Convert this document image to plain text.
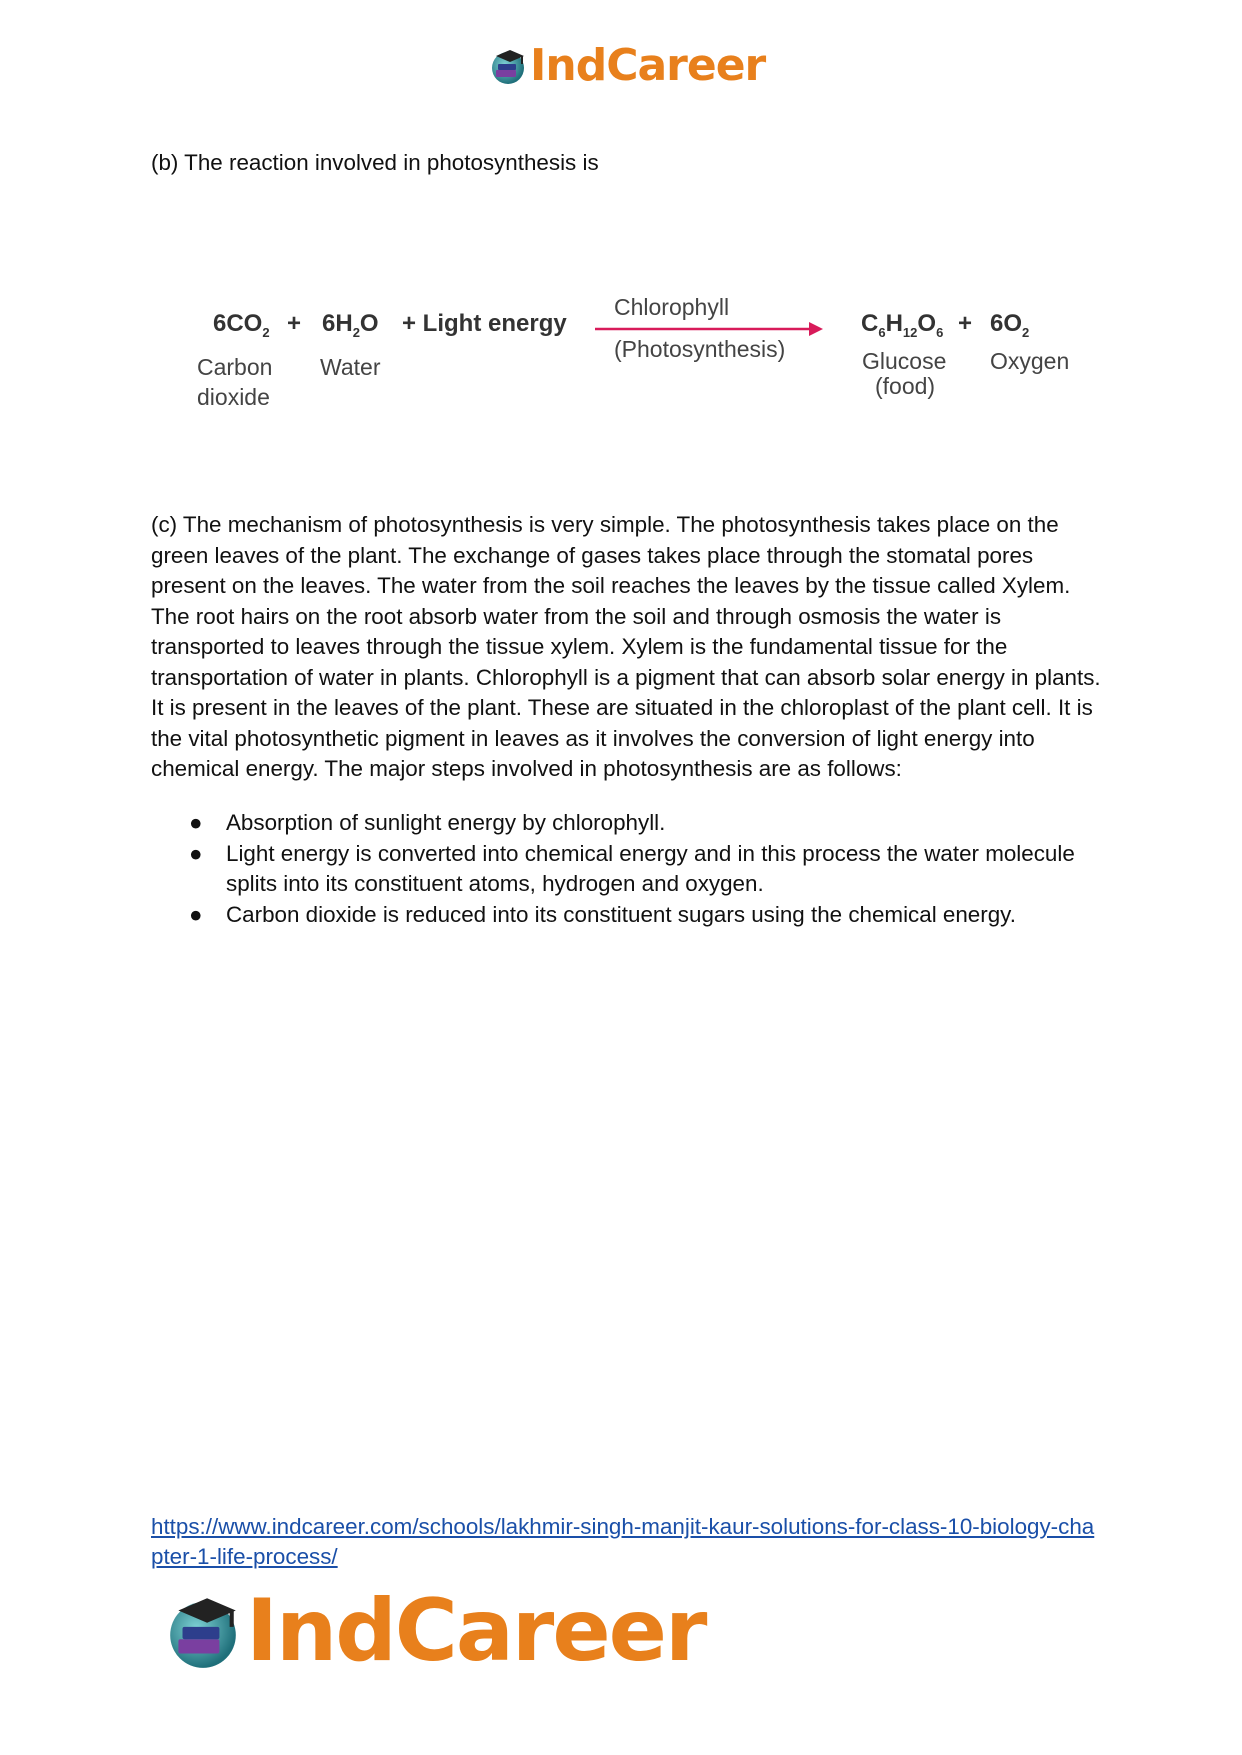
IndCareer

(b) The reaction involved in photosynthesis is

$6CO_2 + 6H_2O$ + Light energy
Chlorophyll
(Photosynthesis)
$C_6H_{12}O_6 + 6O_2$
Carbon
dioxide
Water	Glucose
(food)
Oxygen

(c) The mechanism of photosynthesis is very simple. The photosynthesis takes place on the green leaves of the plant. The exchange of gases takes place through the stomatal pores present on the leaves. The water from the soil reaches the leaves by the tissue called Xylem. The root hairs on the root absorb water from the soil and through osmosis the water is transported to leaves through the tissue xylem. Xylem is the fundamental tissue for the transportation of water in plants. Chlorophyll is a pigment that can absorb solar energy in plants. It is present in the leaves of the plant. These are situated in the chloroplast of the plant cell. It is the vital photosynthetic pigment in leaves as it involves the conversion of light energy into chemical energy. The major steps involved in photosynthesis are as follows:

● Absorption of sunlight energy by chlorophyll.
● Light energy is converted into chemical energy and in this process the water molecule splits into its constituent atoms, hydrogen and oxygen.
● Carbon dioxide is reduced into its constituent sugars using the chemical energy.
https://www.indcareer.com/schools/lakhmir-singh-manjit-kaur-solutions-for-class-10-biology-chapter-1-life-process/
IndCareer
